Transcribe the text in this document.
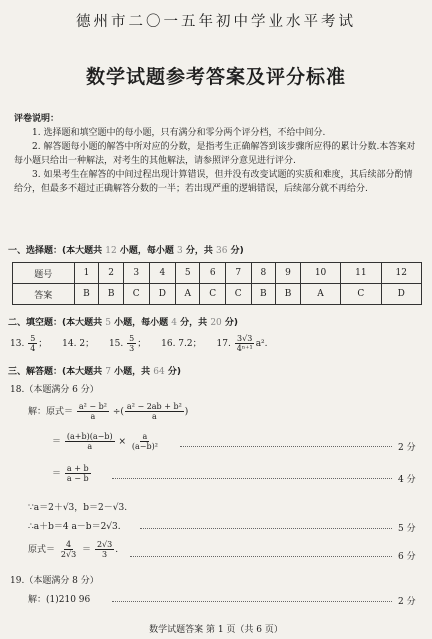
德州市二〇一五年初中学业水平考试
数学试题参考答案及评分标准

评卷说明：

1. 选择题和填空题中的每小题，只有满分和零分两个评分档，不给中间分.

2. 解答题每小题的解答中所对应的分数，是指考生正确解答到该步骤所应得的累计分数.本答案对每小题只给出一种解法，对考生的其他解法，请参照评分意见进行评分.

3. 如果考生在解答的中间过程出现计算错误，但并没有改变试题的实质和难度，其后续部分酌情给分，但最多不超过正确解答分数的一半；若出现严重的逻辑错误，后续部分就不再给分.

一、选择题：(本大题共 12 小题，每小题 3 分，共 36 分)
题号	1	2	3	4	5	6	7	8	9	10	11	12
答案	B	B	C	D	A	C	C	B	B	A	C	D
二、填空题：(本大题共 5 小题，每小题 4 分，共 20 分)
13. $\frac{5}{4}$ ； 14. 2； 15. $\frac{5}{3}$ ； 16. 7.2； 17. $\frac{3√3}{\text{4ⁿ⁺¹}} a^2$.
三、解答题：(本大题共 7 小题，共 64 分)
18.（本题满分 6 分）
解：原式＝ $\frac{\text{a² − b²}}{a}$ ÷( $\frac{\text{a² − 2ab + b²}}{a}$ )
＝ $\frac{(a+b)(a-b)}{a} \times \frac{a}{\text{(a−b)²}}$	2 分
＝ $\frac{a + b}{a - b}$	4 分
∵a＝2＋√3，b＝2－√3.
∴a＋b＝4 a－b＝2√3.	5 分
原式＝ $\frac{4}{2√3} = \frac{2√3}{3}$ .
6 分
19.（本题满分 8 分）
解：(1)210 96	2 分
数学试题答案 第 1 页（共 6 页）
